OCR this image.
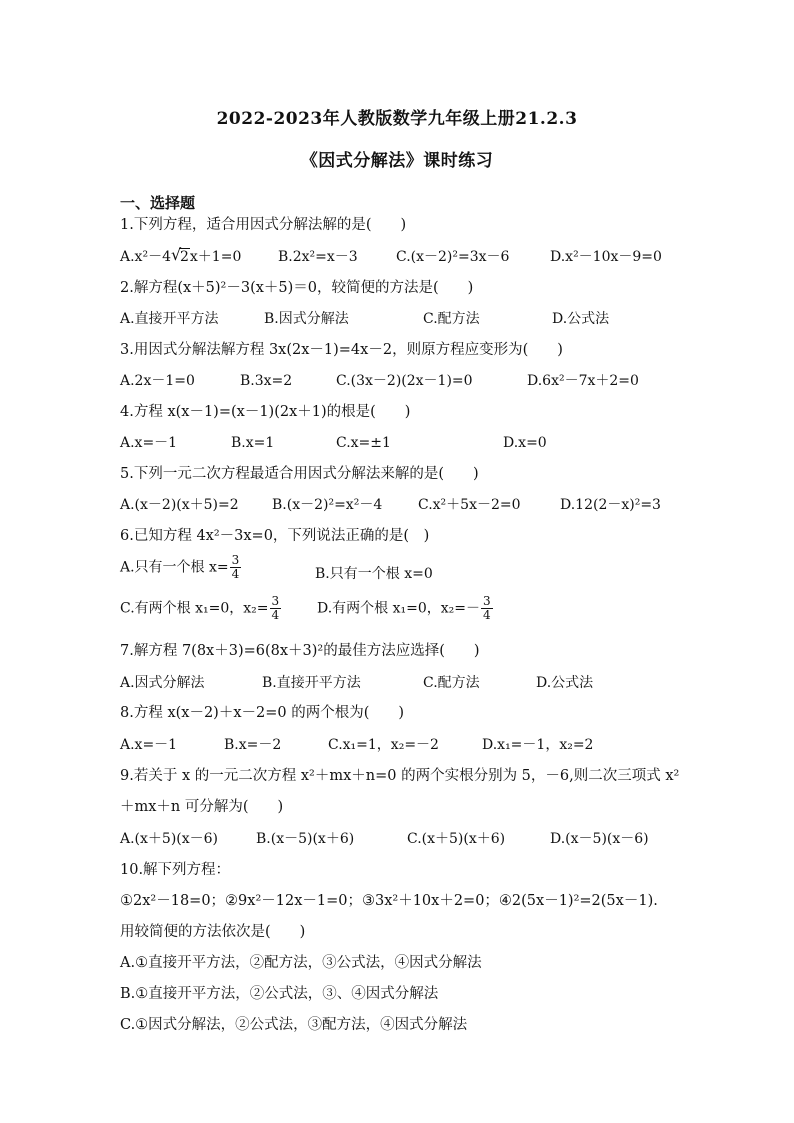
2022-2023年人教版数学九年级上册21.2.3
《因式分解法》课时练习
一、选择题
1.下列方程，适合用因式分解法解的是(　　)
A.x²－4 √
2x＋1=0	B.2x²=x－3	C.(x－2)²=3x－6	D.x²－10x－9=0
2.解方程(x＋5)²－3(x＋5)＝0，较简便的方法是(　　)
A.直接开平方法	B.因式分解法	C.配方法	D.公式法
3.用因式分解法解方程 3x(2x－1)=4x－2，则原方程应变形为(　　)
A.2x－1=0	B.3x=2	C.(3x－2)(2x－1)=0	D.6x²－7x＋2=0
4.方程 x(x－1)=(x－1)(2x＋1)的根是(　　)
A.x=－1	B.x=1	C.x=±1	D.x=0
5.下列一元二次方程最适合用因式分解法来解的是(　　)
A.(x－2)(x＋5)=2 B.(x－2)²=x²－4	C.x²＋5x－2=0	D.12(2－x)²=3
6.已知方程 4x²－3x=0，下列说法正确的是(　)
A.只有一个根 $x= \frac{3}{4}$	B.只有一个根 x=0
C.有两个根 x₁=0，$x_2= \frac{3}{4}$	D.有两个根 x₁=0，$x_2=- \frac{3}{4}$
7.解方程 7(8x＋3)=6(8x＋3)²的最佳方法应选择(　　)
A.因式分解法	B.直接开平方法	C.配方法	D.公式法
8.方程 x(x－2)＋x－2=0 的两个根为(　　)
A.x=－1	B.x=－2	C.x₁=1，x₂=－2	D.x₁=－1，x₂=2
9.若关于 x 的一元二次方程 x²＋mx＋n=0 的两个实根分别为 5，－6,则二次三项式 x²
＋mx＋n 可分解为(　　)
A.(x＋5)(x－6)	B.(x－5)(x＋6)	C.(x＋5)(x＋6)	D.(x－5)(x－6)
10.解下列方程：
①2x²－18=0；②9x²－12x－1=0；③3x²＋10x＋2=0；④2(5x－1)²=2(5x－1).
用较简便的方法依次是(　　)
A.①直接开平方法，②配方法，③公式法，④因式分解法
B.①直接开平方法，②公式法，③、④因式分解法
C.①因式分解法，②公式法，③配方法，④因式分解法
